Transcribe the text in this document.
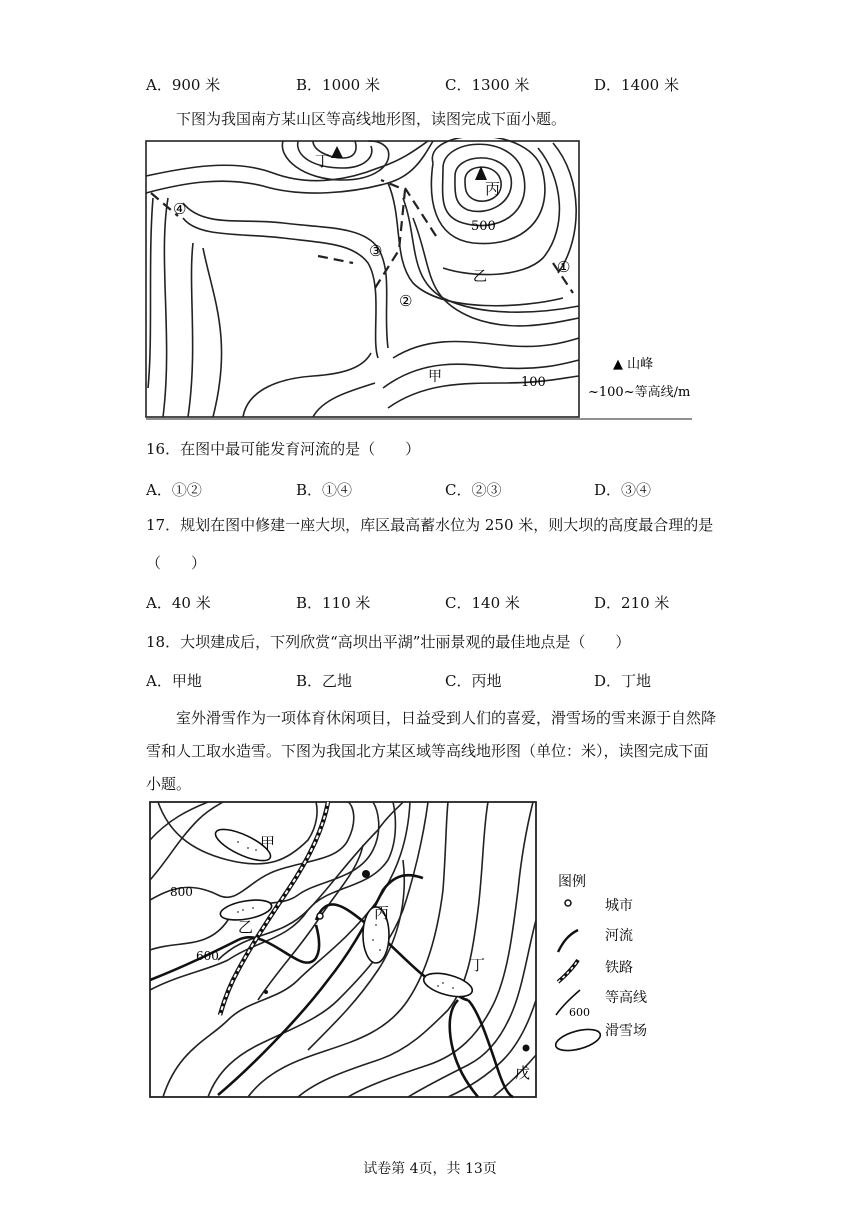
A．900 米	B．1000 米	C．1300 米	D．1400 米
下图为我国南方某山区等高线地形图，读图完成下面小题。
丁
丙
500
乙
甲	100
①
②
③
④
▲ 山峰
~100~等高线/m
16．在图中最可能发育河流的是（　　）
A．①②	B．①④	C．②③	D．③④
17．规划在图中修建一座大坝，库区最高蓄水位为 250 米，则大坝的高度最合理的是
（　　）
A．40 米	B．110 米	C．140 米	D．210 米
18．大坝建成后，下列欣赏“高坝出平湖”壮丽景观的最佳地点是（　　）
A．甲地	B．乙地	C．丙地	D．丁地
室外滑雪作为一项体育休闲项目，日益受到人们的喜爱，滑雪场的雪来源于自然降
雪和人工取水造雪。下图为我国北方某区域等高线地形图（单位：米），读图完成下面
小题。
甲
乙
丙
丁
戊
800
600
图例
城市
河流
铁路
600
等高线
滑雪场
试卷第 4页，共 13页
